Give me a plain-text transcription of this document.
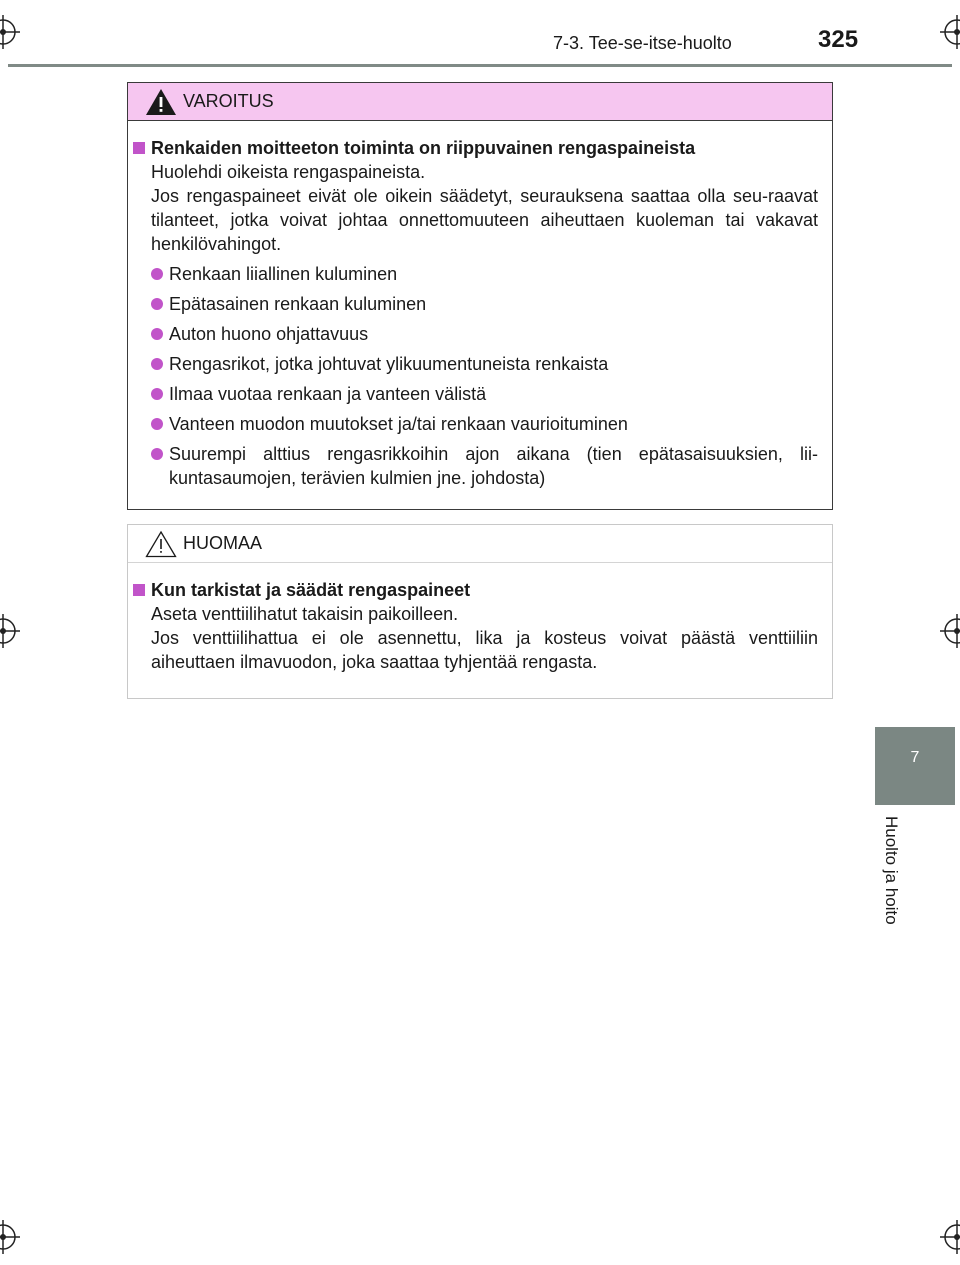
7-3. Tee-se-itse-huolto	325
7
Huolto ja hoito
VAROITUS
Renkaiden moitteeton toiminta on riippuvainen rengaspaineista
Huolehdi oikeista rengaspaineista.
Jos rengaspaineet eivät ole oikein säädetyt, seurauksena saattaa olla seu-raavat tilanteet, jotka voivat johtaa onnettomuuteen aiheuttaen kuoleman tai vakavat henkilövahingot.
Renkaan liiallinen kuluminen
Epätasainen renkaan kuluminen
Auton huono ohjattavuus
Rengasrikot, jotka johtuvat ylikuumentuneista renkaista
Ilmaa vuotaa renkaan ja vanteen välistä
Vanteen muodon muutokset ja/tai renkaan vaurioituminen
Suurempi alttius rengasrikkoihin ajon aikana (tien epätasaisuuksien, lii-kuntasaumojen, terävien kulmien jne. johdosta)
HUOMAA
Kun tarkistat ja säädät rengaspaineet
Aseta venttiilihatut takaisin paikoilleen.
Jos venttiilihattua ei ole asennettu, lika ja kosteus voivat päästä venttiiliin aiheuttaen ilmavuodon, joka saattaa tyhjentää rengasta.
